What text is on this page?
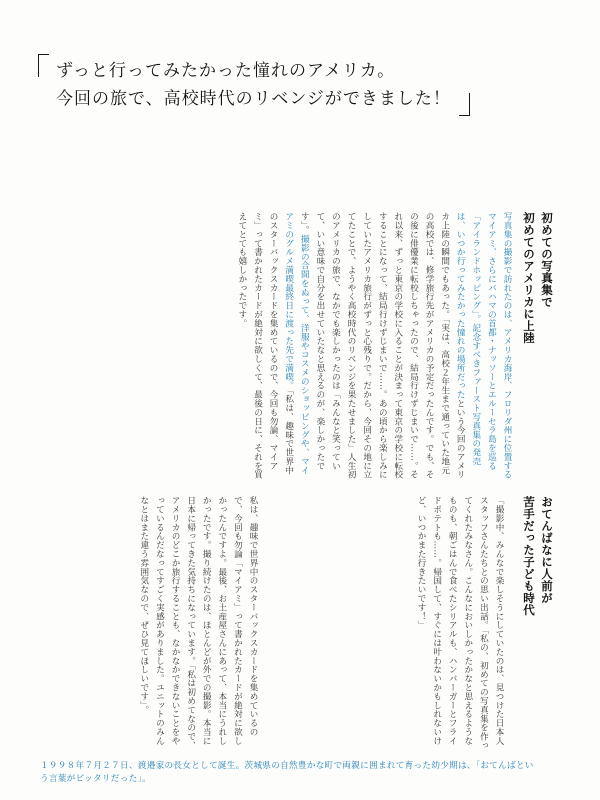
ずっと行ってみたかった憧れのアメリカ。
今回の旅で、高校時代のリベンジができました！
初めての写真集で
初めてのアメリカに上陸
写真集の撮影で訪れたのは、アメリカ海岸、フロリダ州に位置するマイアミ、さらにバハマの首都・ナッソーとエルーセラ島を巡る「アイランドホッピング」。記念すべきファースト写真集の発売は、いつか行ってみたかった憧れの場所だったという今回のアメリカ上陸の瞬間でもあった。「実は、高校２年生まで通っていた地元の高校では、修学旅行先がアメリカの予定だったんです。でも、その後に俳優業に転校しちゃったので、結局行けずじまいで……。それ以来、ずっと東京の学校に入ることが決まって東京の学校に転校することになって、結局行けずじまいで……。あの頃から楽しみにしていたアメリカ旅行がずっと心残りで。だから、今回その地に立てたことで、ようやく高校時代のリベンジを果たせました」人生初のアメリカの旅で、なかでも楽しかったのは「みんなと笑っていて、いい意味で自分を出せていたなと思えるのが、楽しかったです」。撮影の合間をぬって、洋服やコスメのショッピングや、マイアミのグルメ満喫最終日に渡った先で満喫。「私は、趣味で世界中のスターバックスカードを集めているので、今回も勿論、マイアミ」って書かれたカードが絶対に欲しくて、最後の日に、それを買えてとても嬉しかったです。
私は、趣味で世界中のスターバックスカードを集めているので、今回も勿論「マイアミ」って書かれたカードが絶対に欲しかったんですよ。最後、お土産屋さんにあって、本当にうれしかったです。撮り続けたのは、ほとんどが外での撮影。本当に日本に帰ってきた気持ちになっています。「私は初めてなので、アメリカのどこか旅行することも、なかなかできないことをやっているんだなってすごく実感がありました。ユニットのみんなとはまた違う雰囲気なので、ぜひ見てほしいです」。	「撮影中、みんなで楽しそうにしていたのは、見つけた日本人スタッフさんたちとの思い出話。「私の、初めての写真集を作ってくれたみなさん。こんなにおいしかったかなと思えるようなものも、朝ごはんで食べたシリアルも、ハンバーガーとフライドポテトも……。帰国して、すぐには叶わないかもしれないけど、いつかまた行きたいです！」	おてんばなに人前が
苦手だった子ども時代
１９９８年７月２７日、渡邉家の長女として誕生。茨城県の自然豊かな町で両親に囲まれて育った幼少期は、「おてんばという言葉がピッタリだった」。
